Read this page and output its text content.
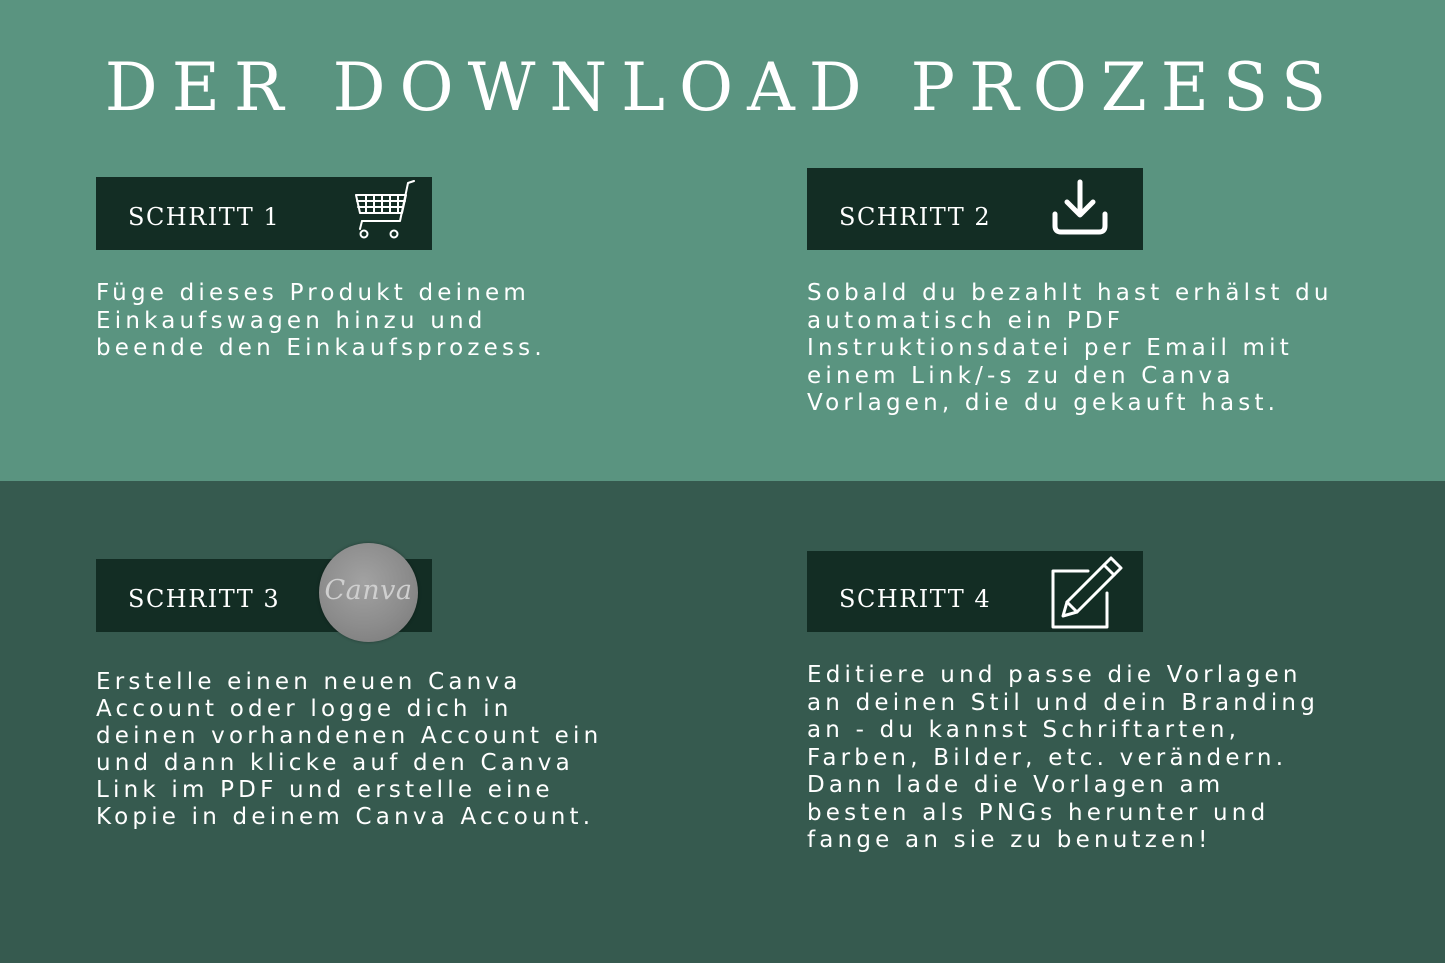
DER DOWNLOAD PROZESS
SCHRITT 1

Füge dieses Produkt deinem

Einkaufswagen hinzu und

beende den Einkaufsprozess.

SCHRITT 2

Sobald du bezahlt hast erhälst du

automatisch ein PDF

Instruktionsdatei per Email mit

einem Link/-s zu den Canva

Vorlagen, die du gekauft hast.

SCHRITT 3 Canva

Erstelle einen neuen Canva

Account oder logge dich in

deinen vorhandenen Account ein

und dann klicke auf den Canva

Link im PDF und erstelle eine

Kopie in deinem Canva Account.

SCHRITT 4

Editiere und passe die Vorlagen

an deinen Stil und dein Branding

an - du kannst Schriftarten,

Farben, Bilder, etc. verändern.

Dann lade die Vorlagen am

besten als PNGs herunter und

fange an sie zu benutzen!
